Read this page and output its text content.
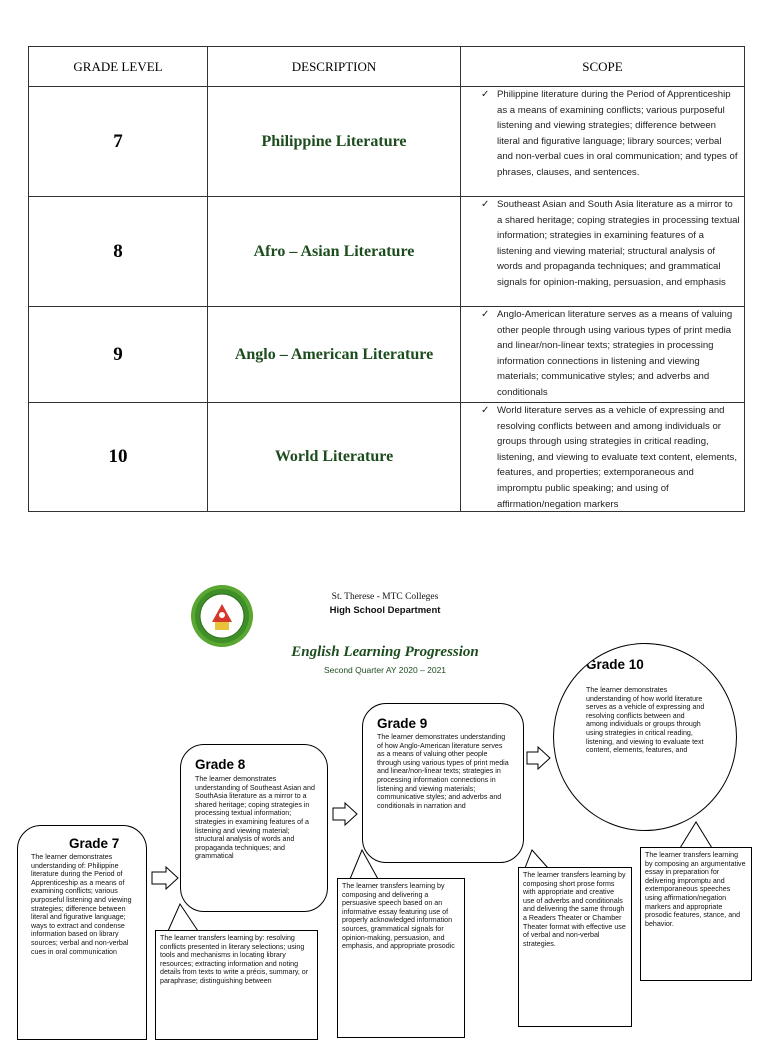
GRADE LEVEL	DESCRIPTION	SCOPE
7	Philippine Literature	✓ Philippine literature during the Period of Apprenticeship as a means of examining conflicts; various purposeful listening and viewing strategies; difference between literal and figurative language; library sources; verbal and non-verbal cues in oral communication; and types of phrases, clauses, and sentences.

8	Afro – Asian Literature	✓ Southeast Asian and South Asia literature as a mirror to a shared heritage; coping strategies in processing textual information; strategies in examining features of a listening and viewing material; structural analysis of words and propaganda techniques; and grammatical signals for opinion-making, persuasion, and emphasis

9	Anglo – American Literature	✓ Anglo-American literature serves as a means of valuing other people through using various types of print media and linear/non-linear texts; strategies in processing information connections in listening and viewing materials; communicative styles; and adverbs and conditionals

10	World Literature	✓ World literature serves as a vehicle of expressing and resolving conflicts between and among individuals or groups through using strategies in critical reading, listening, and viewing to evaluate text content, elements, features, and properties; extemporaneous and impromptu public speaking; and using of affirmation/negation markers
St. Therese - MTC Colleges
High School Department
English Learning Progression
Second Quarter AY 2020 – 2021
Grade 7

The learner demonstrates understanding of: Philippine literature during the Period of Apprenticeship as a means of examining conflicts; various purposeful listening and viewing strategies; difference between literal and figurative language; ways to extract and condense information based on library sources; verbal and non-verbal cues in oral communication

Grade 8

The learner demonstrates understanding of Southeast Asian and SouthAsia literature as a mirror to a shared heritage; coping strategies in processing textual information; strategies in examining features of a listening and viewing material; structural analysis of words and propaganda techniques; and grammatical

Grade 9

The learner demonstrates understanding of how Anglo-American literature serves as a means of valuing other people through using various types of print media and linear/non-linear texts; strategies in processing information connections in listening and viewing materials; communicative styles; and adverbs and conditionals in narration and

Grade 10

The learner demonstrates understanding of how world literature serves as a vehicle of expressing and resolving conflicts between and among individuals or groups through using strategies in critical reading, listening, and viewing to evaluate text content, elements, features, and

The learner transfers learning by: resolving conflicts presented in literary selections; using tools and mechanisms in locating library resources; extracting information and noting details from texts to write a précis, summary, or paraphrase; distinguishing between

The learner transfers learning by composing and delivering a persuasive speech based on an informative essay featuring use of properly acknowledged information sources, grammatical signals for opinion-making, persuasion, and emphasis, and appropriate prosodic

The learner transfers learning by composing short prose forms with appropriate and creative use of adverbs and conditionals and delivering the same through a Readers Theater or Chamber Theater format with effective use of verbal and non-verbal strategies.

The learner transfers learning by composing an argumentative essay in preparation for delivering impromptu and extemporaneous speeches using affirmation/negation markers and appropriate prosodic features, stance, and behavior.
